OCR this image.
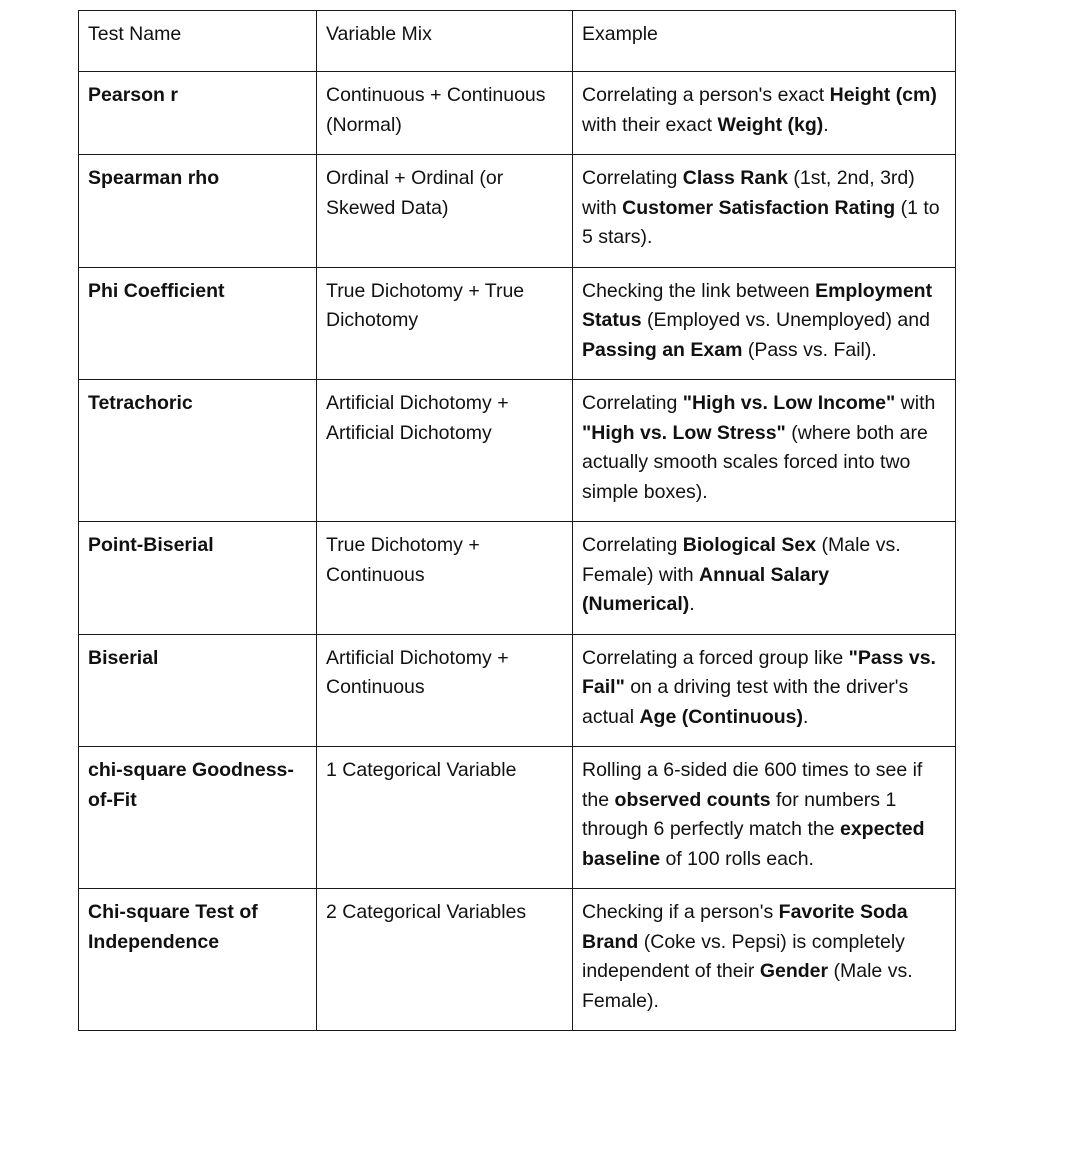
Test Name	Variable Mix	Example
Pearson r	Continuous + Continuous (Normal)	Correlating a person's exact Height (cm) with their exact Weight (kg).
Spearman rho	Ordinal + Ordinal (or Skewed Data)	Correlating Class Rank (1st, 2nd, 3rd) with Customer Satisfaction Rating (1 to 5 stars).
Phi Coefficient	True Dichotomy + True Dichotomy	Checking the link between Employment Status (Employed vs. Unemployed) and Passing an Exam (Pass vs. Fail).
Tetrachoric	Artificial Dichotomy + Artificial Dichotomy	Correlating "High vs. Low Income" with "High vs. Low Stress" (where both are actually smooth scales forced into two simple boxes).
Point-Biserial	True Dichotomy + Continuous	Correlating Biological Sex (Male vs. Female) with Annual Salary (Numerical).
Biserial	Artificial Dichotomy + Continuous	Correlating a forced group like "Pass vs. Fail" on a driving test with the driver's actual Age (Continuous).
chi-square Goodness-of-Fit	1 Categorical Variable	Rolling a 6-sided die 600 times to see if the observed counts for numbers 1 through 6 perfectly match the expected baseline of 100 rolls each.
Chi-square Test of Independence	2 Categorical Variables	Checking if a person's Favorite Soda Brand (Coke vs. Pepsi) is completely independent of their Gender (Male vs. Female).
